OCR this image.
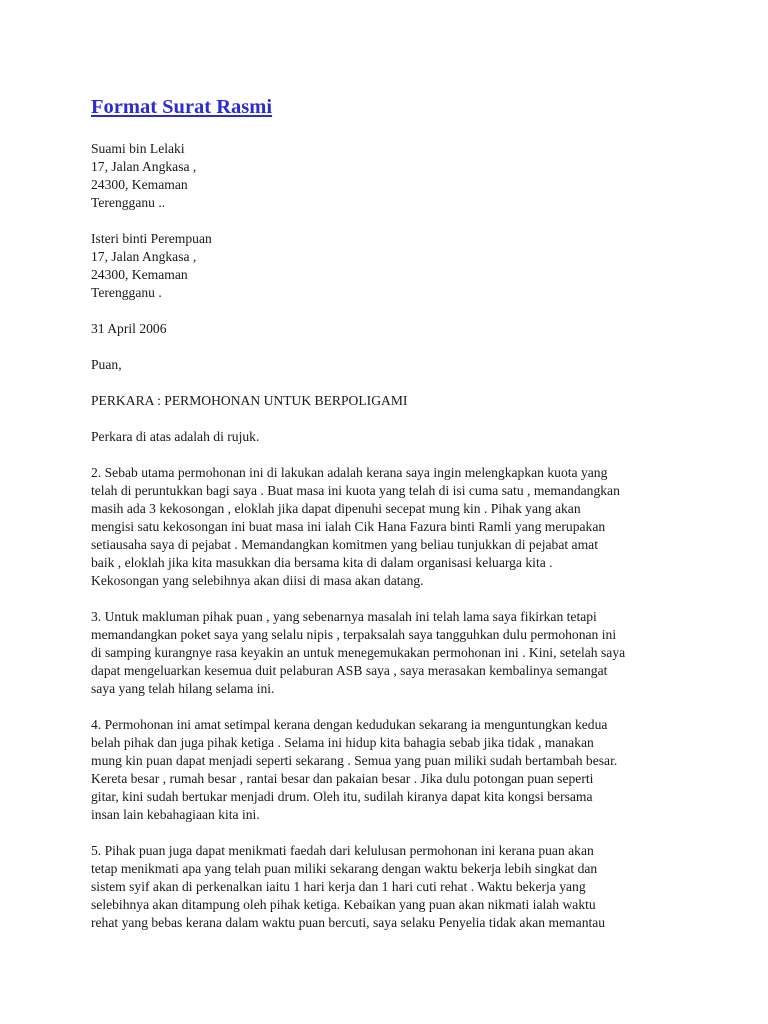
Format Surat Rasmi
Suami bin Lelaki
17, Jalan Angkasa ,
24300, Kemaman
Terengganu ..
Isteri binti Perempuan
17, Jalan Angkasa ,
24300, Kemaman
Terengganu .
31 April 2006
Puan,
PERKARA : PERMOHONAN UNTUK BERPOLIGAMI
Perkara di atas adalah di rujuk.
2. Sebab utama permohonan ini di lakukan adalah kerana saya ingin melengkapkan kuota yang
telah di peruntukkan bagi saya . Buat masa ini kuota yang telah di isi cuma satu , memandangkan
masih ada 3 kekosongan , eloklah jika dapat dipenuhi secepat mung kin . Pihak yang akan
mengisi satu kekosongan ini buat masa ini ialah Cik Hana Fazura binti Ramli yang merupakan
setiausaha saya di pejabat . Memandangkan komitmen yang beliau tunjukkan di pejabat amat
baik , eloklah jika kita masukkan dia bersama kita di dalam organisasi keluarga kita .
Kekosongan yang selebihnya akan diisi di masa akan datang.
3. Untuk makluman pihak puan , yang sebenarnya masalah ini telah lama saya fikirkan tetapi
memandangkan poket saya yang selalu nipis , terpaksalah saya tangguhkan dulu permohonan ini
di samping kurangnye rasa keyakin an untuk menegemukakan permohonan ini . Kini, setelah saya
dapat mengeluarkan kesemua duit pelaburan ASB saya , saya merasakan kembalinya semangat
saya yang telah hilang selama ini.
4. Permohonan ini amat setimpal kerana dengan kedudukan sekarang ia menguntungkan kedua
belah pihak dan juga pihak ketiga . Selama ini hidup kita bahagia sebab jika tidak , manakan
mung kin puan dapat menjadi seperti sekarang . Semua yang puan miliki sudah bertambah besar.
Kereta besar , rumah besar , rantai besar dan pakaian besar . Jika dulu potongan puan seperti
gitar, kini sudah bertukar menjadi drum. Oleh itu, sudilah kiranya dapat kita kongsi bersama
insan lain kebahagiaan kita ini.
5. Pihak puan juga dapat menikmati faedah dari kelulusan permohonan ini kerana puan akan
tetap menikmati apa yang telah puan miliki sekarang dengan waktu bekerja lebih singkat dan
sistem syif akan di perkenalkan iaitu 1 hari kerja dan 1 hari cuti rehat . Waktu bekerja yang
selebihnya akan ditampung oleh pihak ketiga. Kebaikan yang puan akan nikmati ialah waktu
rehat yang bebas kerana dalam waktu puan bercuti, saya selaku Penyelia tidak akan memantau
